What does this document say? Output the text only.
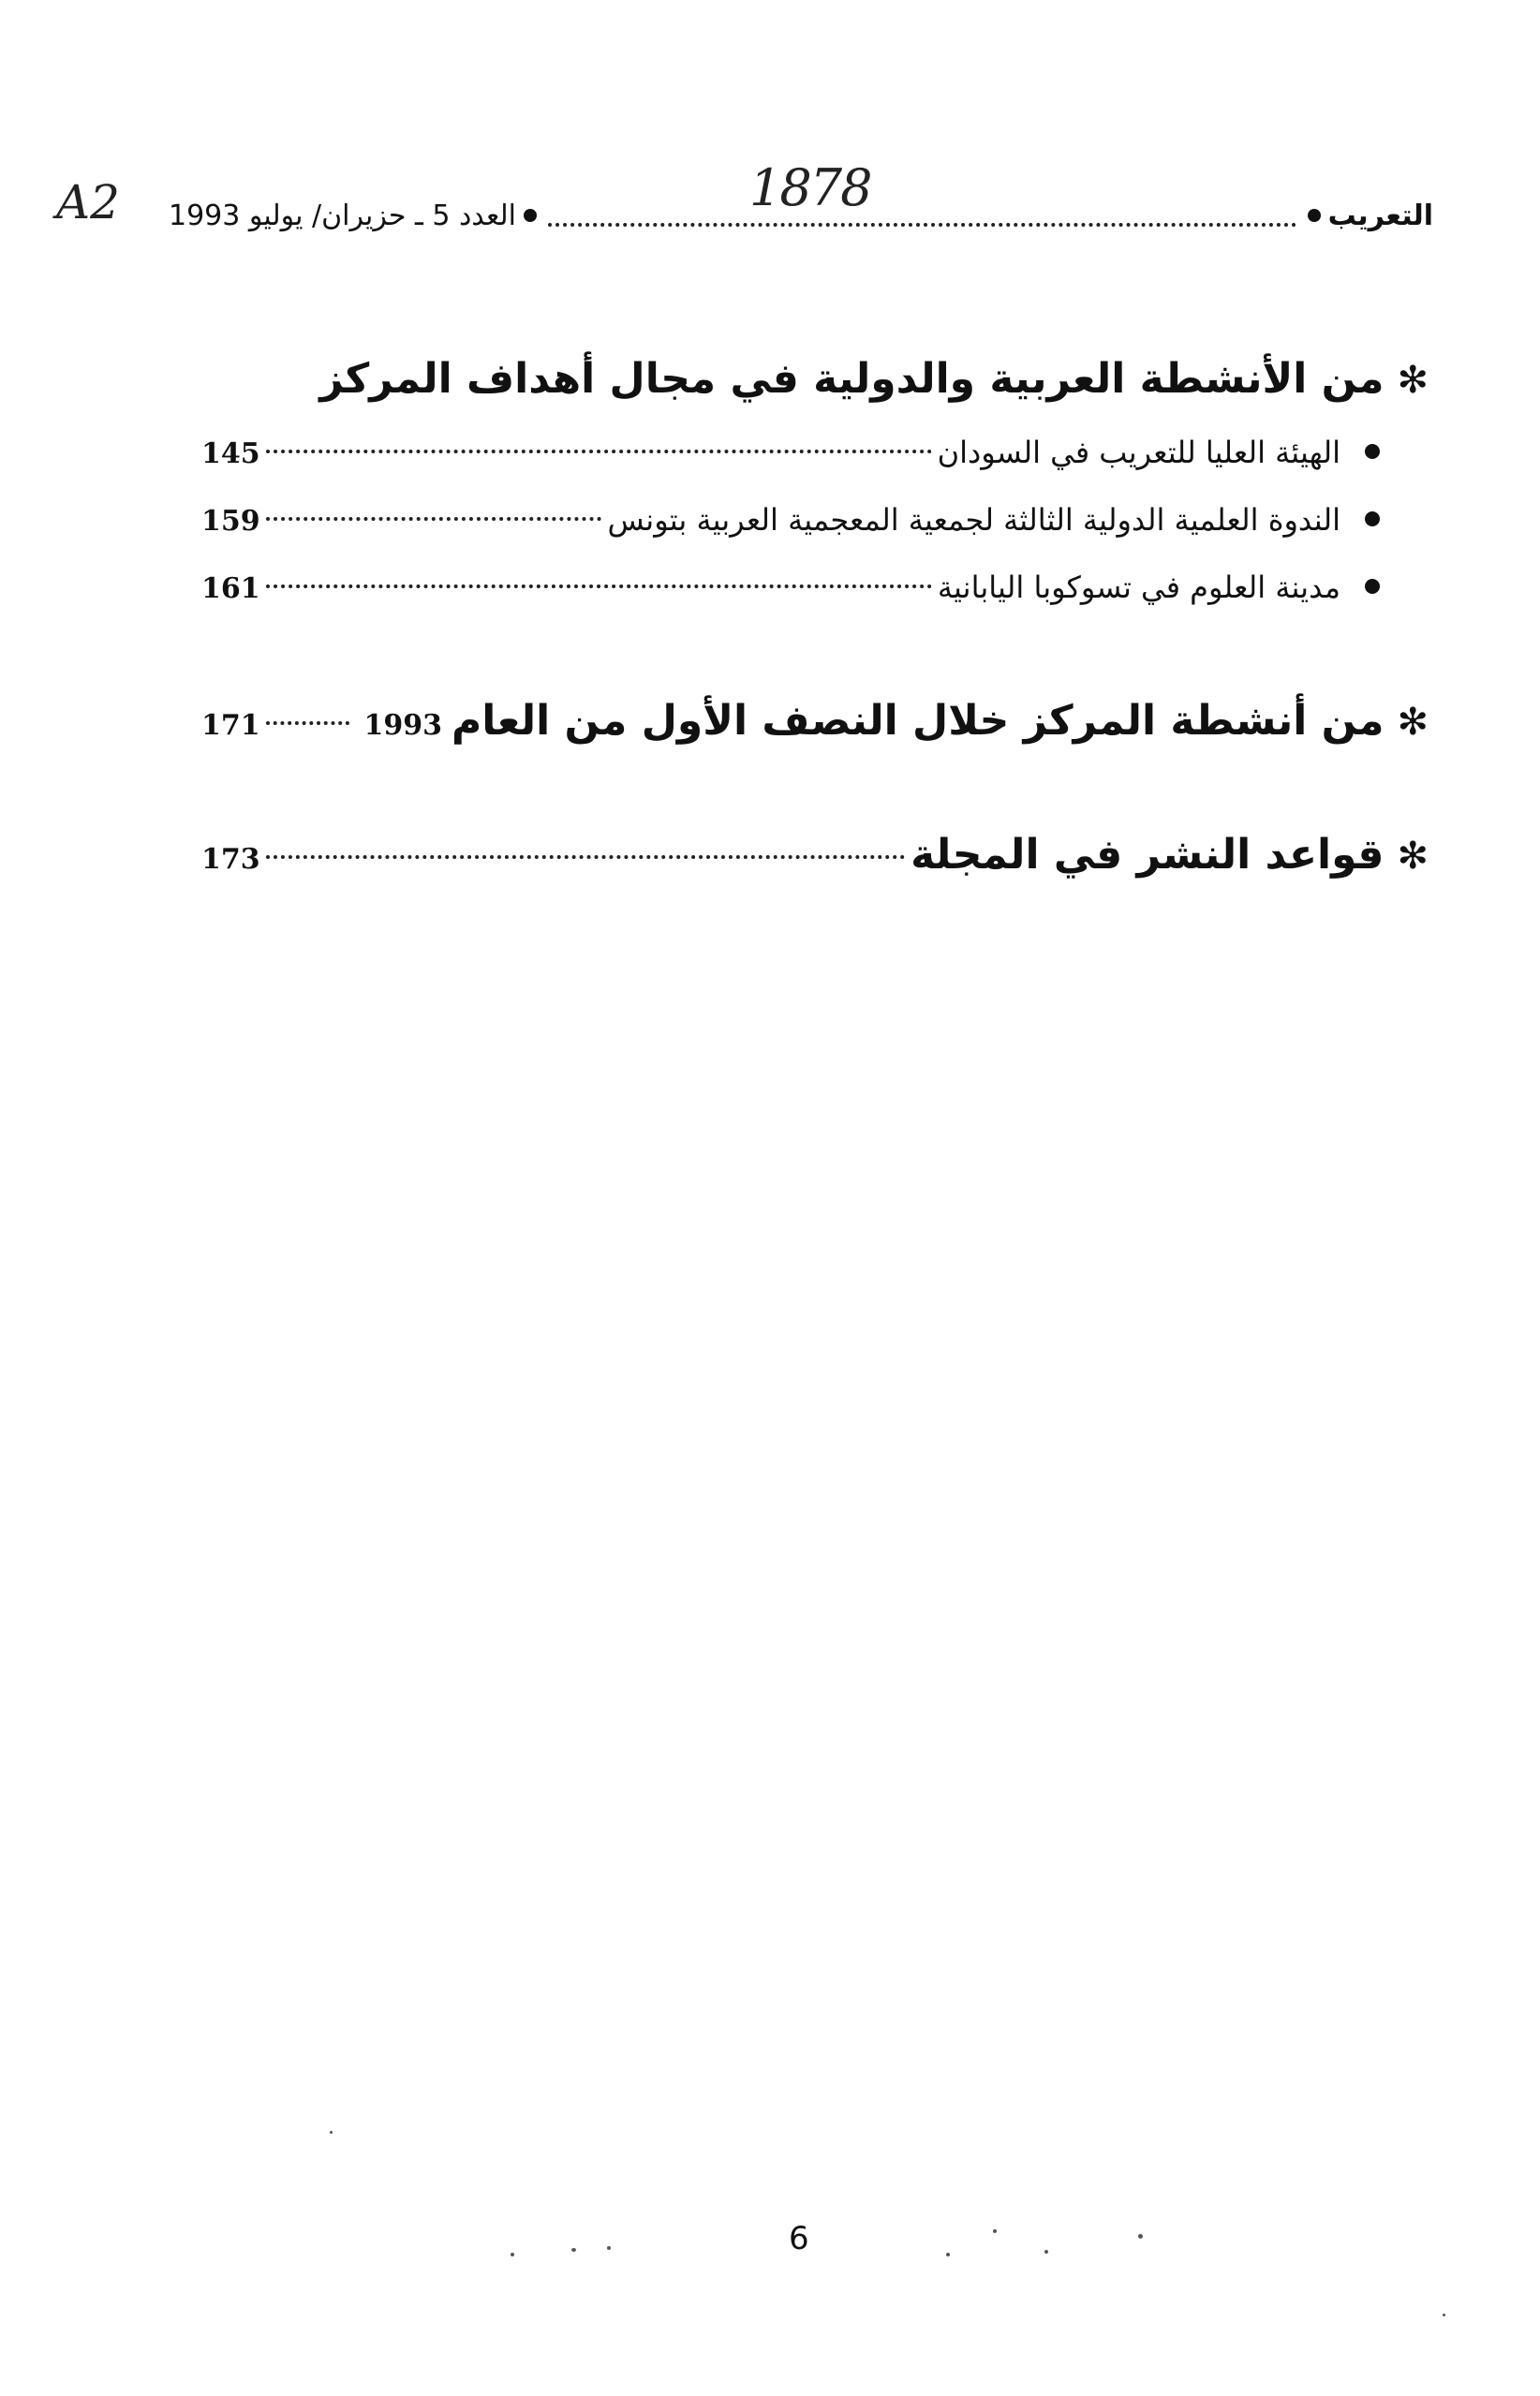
التعريب
العدد 5 ـ حزيران/ يوليو 1993	1878
A2
✻
من الأنشطة العربية والدولية في مجال أهداف المركز
الهيئة العليا للتعريب في السودان
145
الندوة العلمية الدولية الثالثة لجمعية المعجمية العربية بتونس
159
مدينة العلوم في تسوكوبا اليابانية
161
✻
من أنشطة المركز خلال النصف الأول من العام
1993
171
✻
قواعد النشر في المجلة
173
6
